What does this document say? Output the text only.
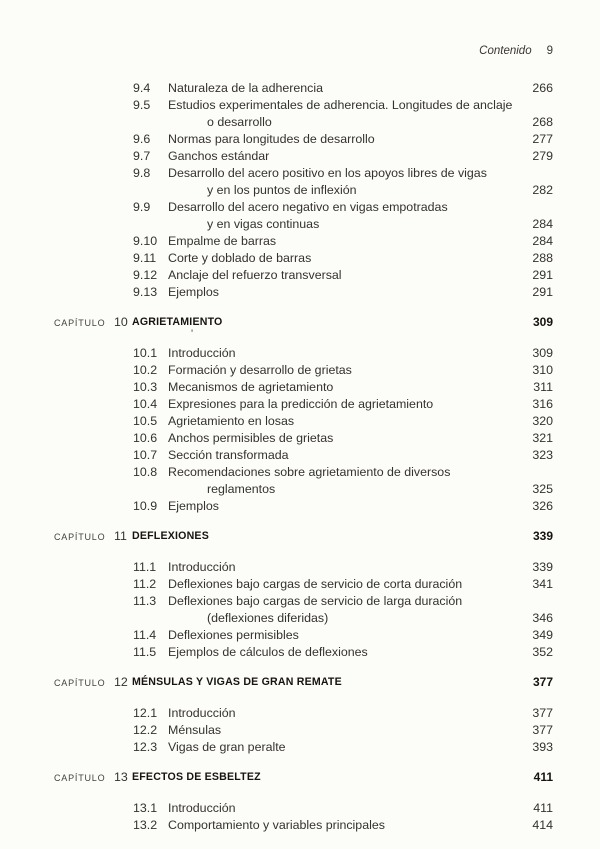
Contenido 9
'
9.4 Naturaleza de la adherencia	266
9.5 Estudios experimentales de adherencia. Longitudes de anclaje
o desarrollo	268
9.6 Normas para longitudes de desarrollo	277
9.7 Ganchos estándar	279
9.8 Desarrollo del acero positivo en los apoyos libres de vigas
y en los puntos de inflexión	282
9.9 Desarrollo del acero negativo en vigas empotradas
y en vigas continuas	284
9.10 Empalme de barras	284
9.11 Corte y doblado de barras	288
9.12 Anclaje del refuerzo transversal	291
9.13 Ejemplos	291
CAPÍTULO 10 AGRIETAMIENTO	309
10.1 Introducción	309
10.2 Formación y desarrollo de grietas	310
10.3 Mecanismos de agrietamiento	311
10.4 Expresiones para la predicción de agrietamiento	316
10.5 Agrietamiento en losas	320
10.6 Anchos permisibles de grietas	321
10.7 Sección transformada	323
10.8 Recomendaciones sobre agrietamiento de diversos
reglamentos	325
10.9 Ejemplos	326
CAPÍTULO 11 DEFLEXIONES	339
11.1 Introducción	339
11.2 Deflexiones bajo cargas de servicio de corta duración	341
11.3 Deflexiones bajo cargas de servicio de larga duración
(deflexiones diferidas)	346
11.4 Deflexiones permisibles	349
11.5 Ejemplos de cálculos de deflexiones	352
CAPÍTULO 12 MÉNSULAS Y VIGAS DE GRAN REMATE	377
12.1 Introducción	377
12.2 Ménsulas	377
12.3 Vigas de gran peralte	393
CAPÍTULO 13 EFECTOS DE ESBELTEZ	411
13.1 Introducción	411
13.2 Comportamiento y variables principales	414
